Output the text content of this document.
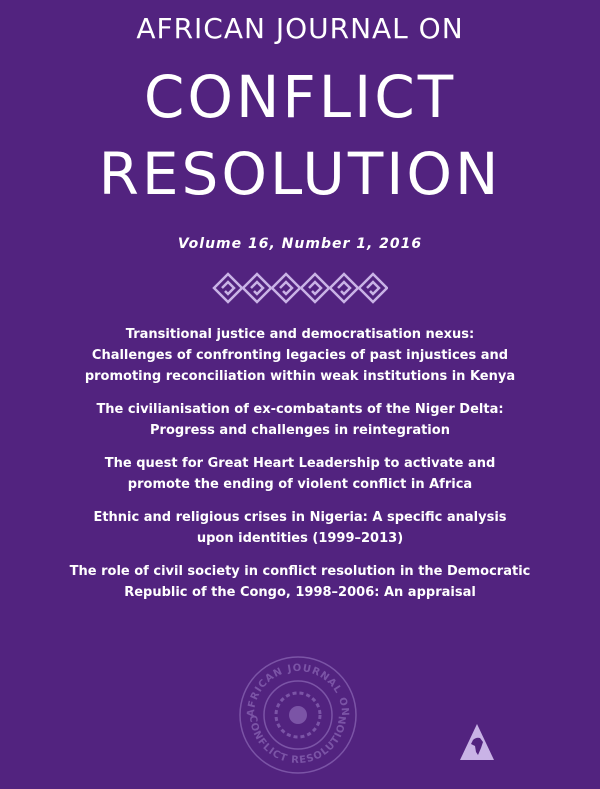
AFRICAN JOURNAL ON
CONFLICT
RESOLUTION
Volume 16, Number 1, 2016
Transitional justice and democratisation nexus:
Challenges of confronting legacies of past injustices and
promoting reconciliation within weak institutions in Kenya
The civilianisation of ex-combatants of the Niger Delta:
Progress and challenges in reintegration
The quest for Great Heart Leadership to activate and
promote the ending of violent conflict in Africa
Ethnic and religious crises in Nigeria: A specific analysis
upon identities (1999–2013)
The role of civil society in conflict resolution in the Democratic
Republic of the Congo, 1998–2006: An appraisal
AFRICAN JOURNAL ON
CONFLICT RESOLUTION
